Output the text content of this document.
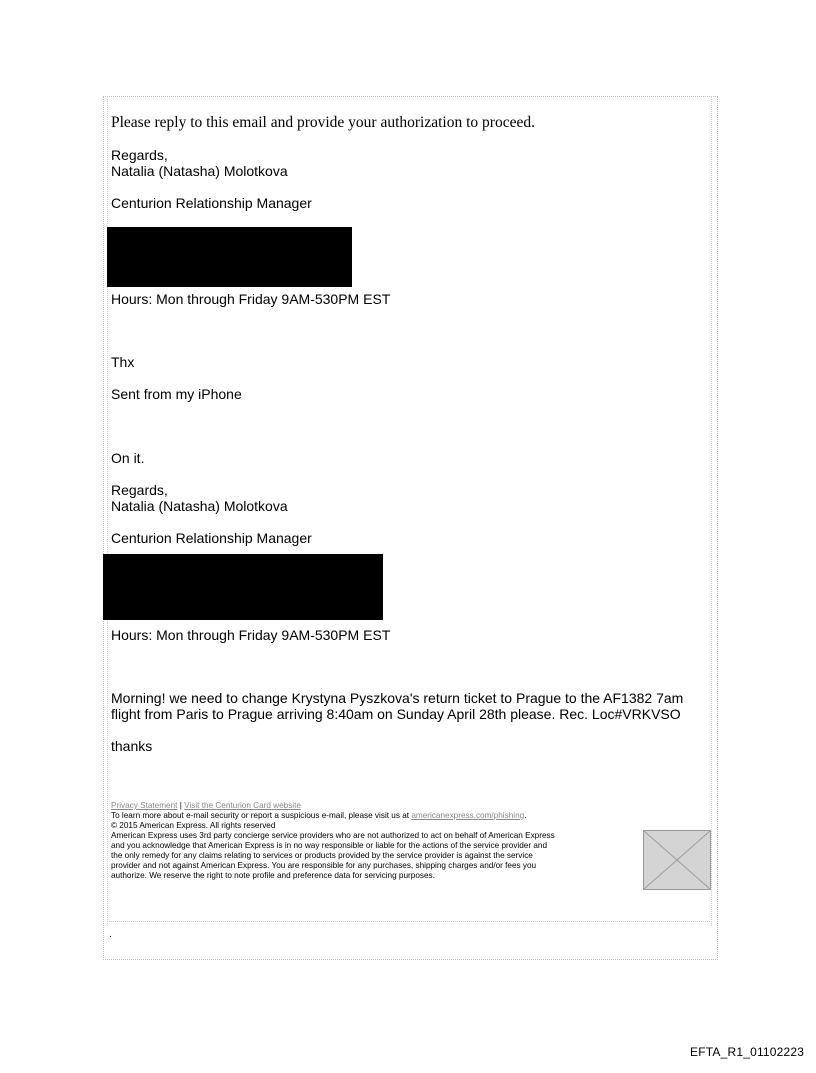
Please reply to this email and provide your authorization to proceed.
Regards,
Natalia (Natasha) Molotkova
Centurion Relationship Manager
Hours: Mon through Friday 9AM-530PM EST
Thx
Sent from my iPhone
On it.
Regards,
Natalia (Natasha) Molotkova
Centurion Relationship Manager
Hours: Mon through Friday 9AM-530PM EST
Morning! we need to change Krystyna Pyszkova's return ticket to Prague to the AF1382 7am
flight from Paris to Prague arriving 8:40am on Sunday April 28th please. Rec. Loc#VRKVSO
thanks
Privacy Statement | Visit the Centurion Card website
To learn more about e-mail security or report a suspicious e-mail, please visit us at americanexpress.com/phishing.
© 2015 American Express. All rights reserved
American Express uses 3rd party concierge service providers who are not authorized to act on behalf of American Express
and you acknowledge that American Express is in no way responsible or liable for the actions of the service provider and
the only remedy for any claims relating to services or products provided by the service provider is against the service
provider and not against American Express. You are responsible for any purchases, shipping charges and/or fees you
authorize. We reserve the right to note profile and preference data for servicing purposes.
.
EFTA_R1_01102223
